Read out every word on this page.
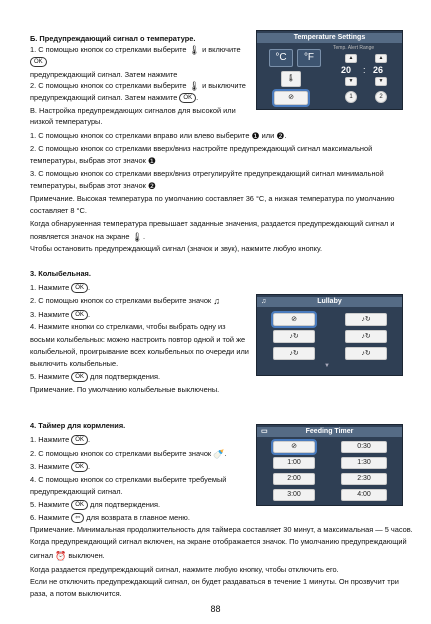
Б. Предупреждающий сигнал о температуре.
1. С помощью кнопок со стрелками выберите 🌡 и включите
OK
предупреждающий сигнал. Затем нажмите
2. С помощью кнопок со стрелками выберите 🌡 и выключите
предупреждающий сигнал. Затем нажмите OK .
B. Настройка предупреждающих сигналов для высокой или
низкой температуры.
1. С помощью кнопок со стрелками вправо или влево выберите ❶ или ❷.
2. С помощью кнопок со стрелками вверх/вниз настройте предупреждающий сигнал максимальной
температуры, выбрав этот значок ❶
3. С помощью кнопок со стрелками вверх/вниз отрегулируйте предупреждающий сигнал минимальной
температуры, выбрав этот значок ❷
Примечание. Высокая температура по умолчанию составляет 36 °C, а низкая температура по умолчанию
составляет 8 °C.
Когда обнаруженная температура превышает заданные значения, раздается предупреждающий сигнал и
появляется значок на экране 🌡.
Чтобы остановить предупреждающий сигнал (значок и звук), нажмите любую кнопку.
Temperature Settings
°C	°F
Temp. Alert Range
▲	▲
20 : 26
▼	▼
🌡
⊘	1	2
3. Колыбельная.
1. Нажмите OK .
2. С помощью кнопок со стрелками выберите значок ♫
3. Нажмите OK .
4. Нажмите кнопки со стрелками, чтобы выбрать одну из
восьми колыбельных: можно настроить повтор одной и той же
колыбельной, проигрывание всех колыбельных по очереди или
выключить колыбельные.
5. Нажмите OK для подтверждения.
Примечание. По умолчанию колыбельные выключены.
♫	Lullaby
⊘	♪↻
♪↻	♪↻
♪↻	♪↻
▼
4. Таймер для кормления.
1. Нажмите OK .
2. С помощью кнопок со стрелками выберите значок 🍼.
3. Нажмите OK .
4. С помощью кнопок со стрелками выберите требуемый
предупреждающий сигнал.
5. Нажмите OK для подтверждения.
6. Нажмите ⇦ для возврата в главное меню.
Примечание. Минимальная продолжительность для таймера составляет 30 минут, а максимальная — 5 часов.
Когда предупреждающий сигнал включен, на экране отображается значок. По умолчанию предупреждающий
сигнал ⏰ выключен.
Когда раздается предупреждающий сигнал, нажмите любую кнопку, чтобы отключить его.
Если не отключить предупреждающий сигнал, он будет раздаваться в течение 1 минуты. Он прозвучит три
раза, а потом выключится.
▭	Feeding Timer
⊘	0:30
1:00	1:30
2:00	2:30
3:00	4:00
88
